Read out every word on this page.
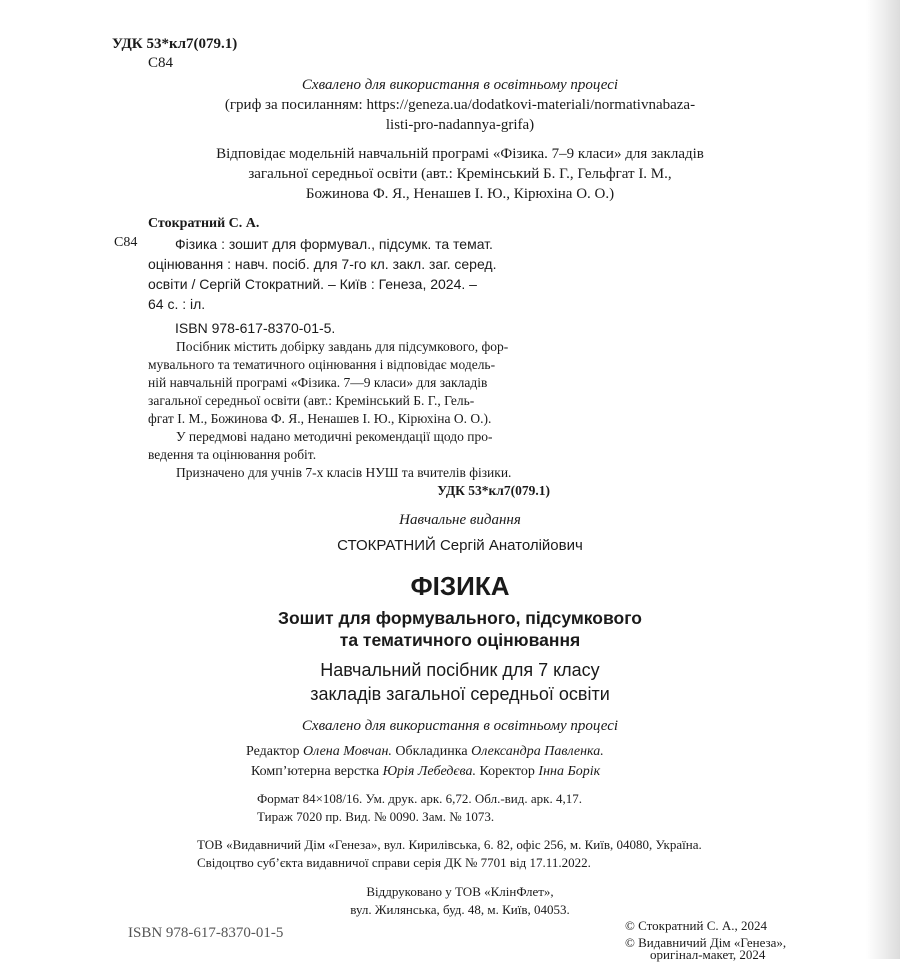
УДК 53*кл7(079.1)
С84
Схвалено для використання в освітньому процесі
(гриф за посиланням: https://geneza.ua/dodatkovi-materiali/normativnabaza-
listi-pro-nadannya-grifa)
Відповідає модельній навчальній програмі «Фізика. 7–9 класи» для закладів
загальної середньої освіти (авт.: Кремінський Б. Г., Гельфгат І. М.,
Божинова Ф. Я., Ненашев І. Ю., Кірюхіна О. О.)
Стократний С. А.
С84	Фізика : зошит для формувал., підсумк. та темат.
оцінювання : навч. посіб. для 7-го кл. закл. заг. серед.
освіти / Сергій Стократний. – Київ : Генеза, 2024. –
64 с. : іл.
ISBN 978-617-8370-01-5.
Посібник містить добірку завдань для підсумкового, фор-
мувального та тематичного оцінювання і відповідає модель-
ній навчальній програмі «Фізика. 7—9 класи» для закладів
загальної середньої освіти (авт.: Кремінський Б. Г., Гель-
фгат І. М., Божинова Ф. Я., Ненашев І. Ю., Кірюхіна О. О.).
У передмові надано методичні рекомендації щодо про-
ведення та оцінювання робіт.
Призначено для учнів 7-х класів НУШ та вчителів фізики.
УДК 53*кл7(079.1)
Навчальне видання
СТОКРАТНИЙ Сергій Анатолійович
ФІЗИКА
Зошит для формувального, підсумкового
та тематичного оцінювання
Навчальний посібник для 7 класу
закладів загальної середньої освіти
Схвалено для використання в освітньому процесі
Редактор Олена Мовчан. Обкладинка Олександра Павленка.
Комп’ютерна верстка Юрія Лебедєва. Коректор Інна Борік
Формат 84×108/16. Ум. друк. арк. 6,72. Обл.-вид. арк. 4,17.
Тираж 7020 пр. Вид. № 0090. Зам. № 1073.
ТОВ «Видавничий Дім «Генеза», вул. Кирилівська, 6. 82, офіс 256, м. Київ, 04080, Україна.
Свідоцтво суб’єкта видавничої справи серія ДК № 7701 від 17.11.2022.
Віддруковано у ТОВ «КлінФлет»,
вул. Жилянська, буд. 48, м. Київ, 04053.
© Стократний С. А., 2024
© Видавничий Дім «Генеза»,
оригінал-макет, 2024
ISBN 978-617-8370-01-5
